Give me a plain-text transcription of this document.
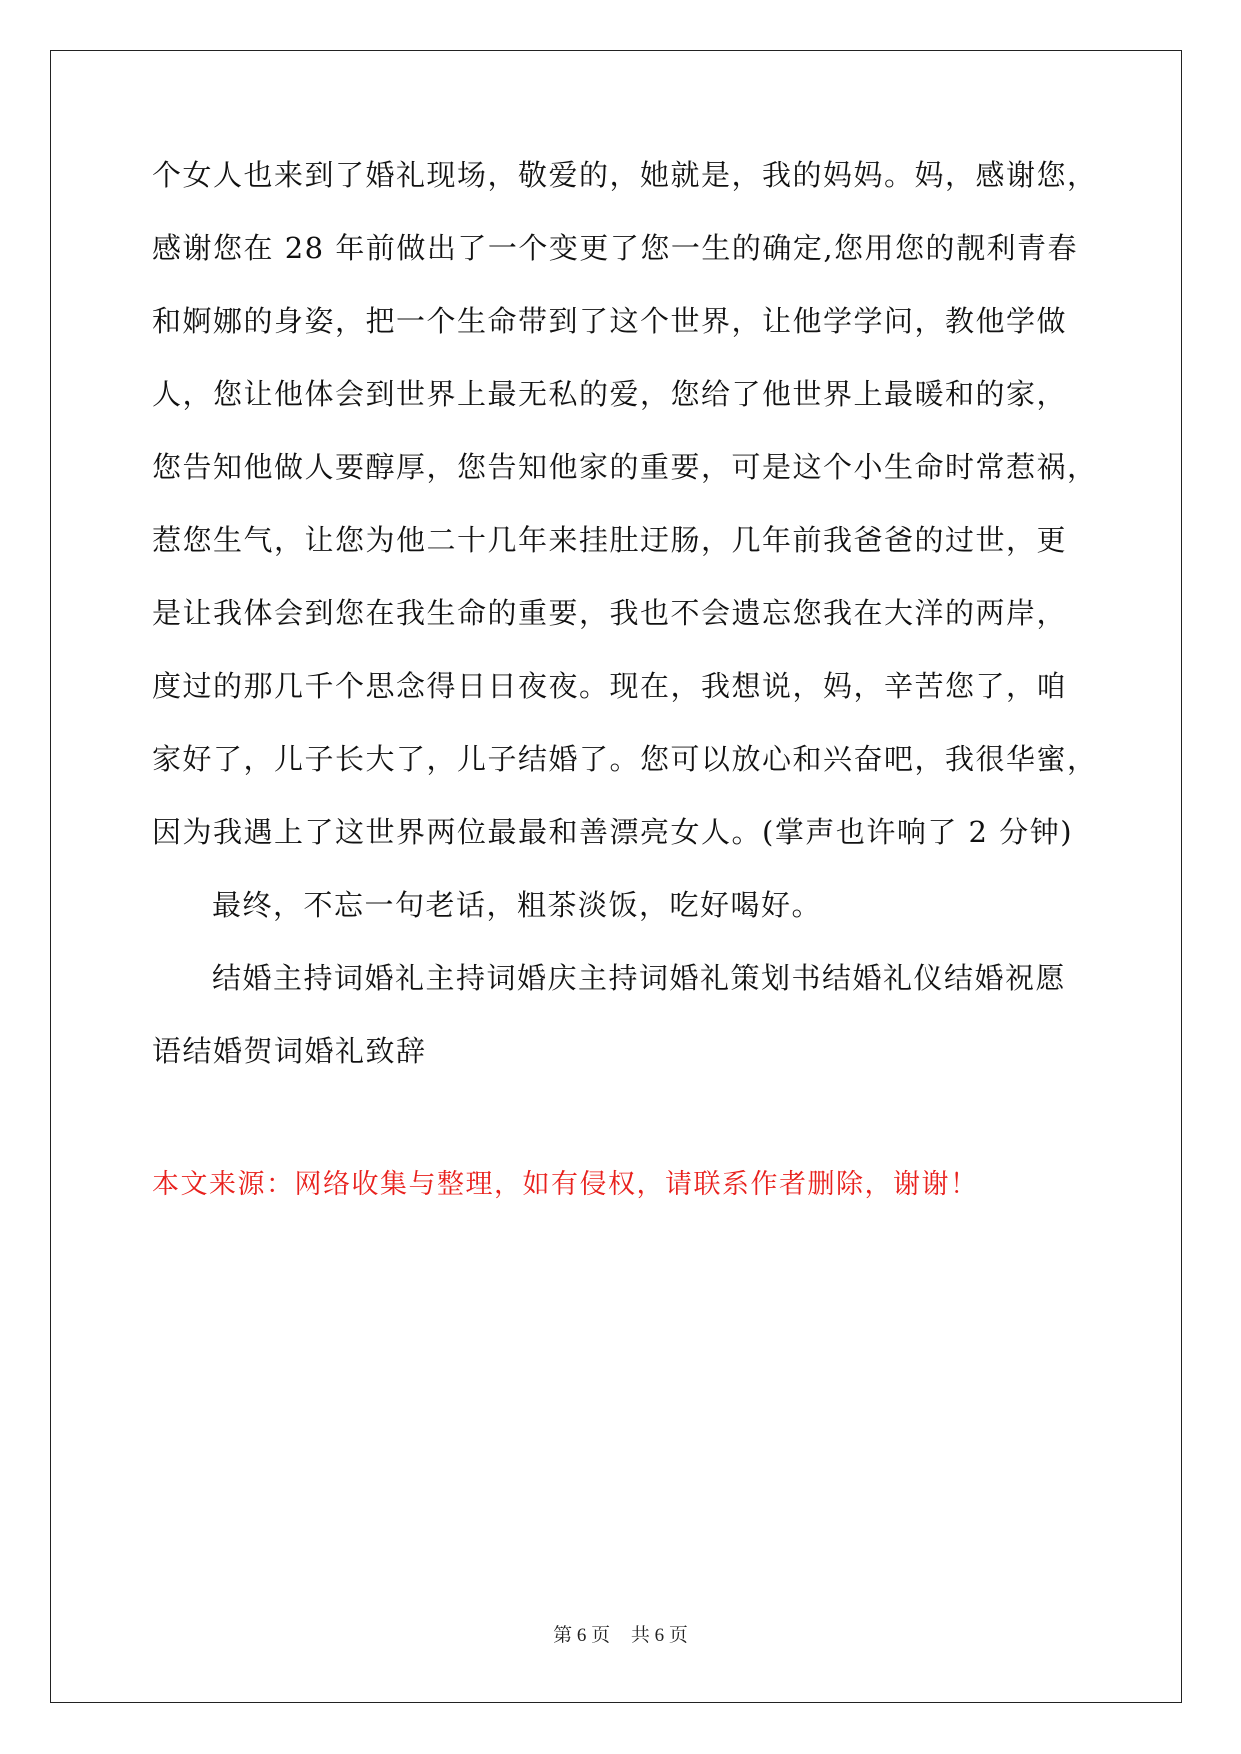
个女人也来到了婚礼现场，敬爱的，她就是，我的妈妈。妈，感谢您，
感谢您在 28 年前做出了一个变更了您一生的确定,您用您的靓利青春
和婀娜的身姿，把一个生命带到了这个世界，让他学学问，教他学做
人，您让他体会到世界上最无私的爱，您给了他世界上最暖和的家，
您告知他做人要醇厚，您告知他家的重要，可是这个小生命时常惹祸，
惹您生气，让您为他二十几年来挂肚迂肠，几年前我爸爸的过世，更
是让我体会到您在我生命的重要，我也不会遗忘您我在大洋的两岸，
度过的那几千个思念得日日夜夜。现在，我想说，妈，辛苦您了，咱
家好了，儿子长大了，儿子结婚了。您可以放心和兴奋吧，我很华蜜，
因为我遇上了这世界两位最最和善漂亮女人。(掌声也许响了 2 分钟)
最终，不忘一句老话，粗茶淡饭，吃好喝好。
结婚主持词婚礼主持词婚庆主持词婚礼策划书结婚礼仪结婚祝愿
语结婚贺词婚礼致辞
本文来源：网络收集与整理，如有侵权，请联系作者删除，谢谢！
第 6 页 共 6 页
